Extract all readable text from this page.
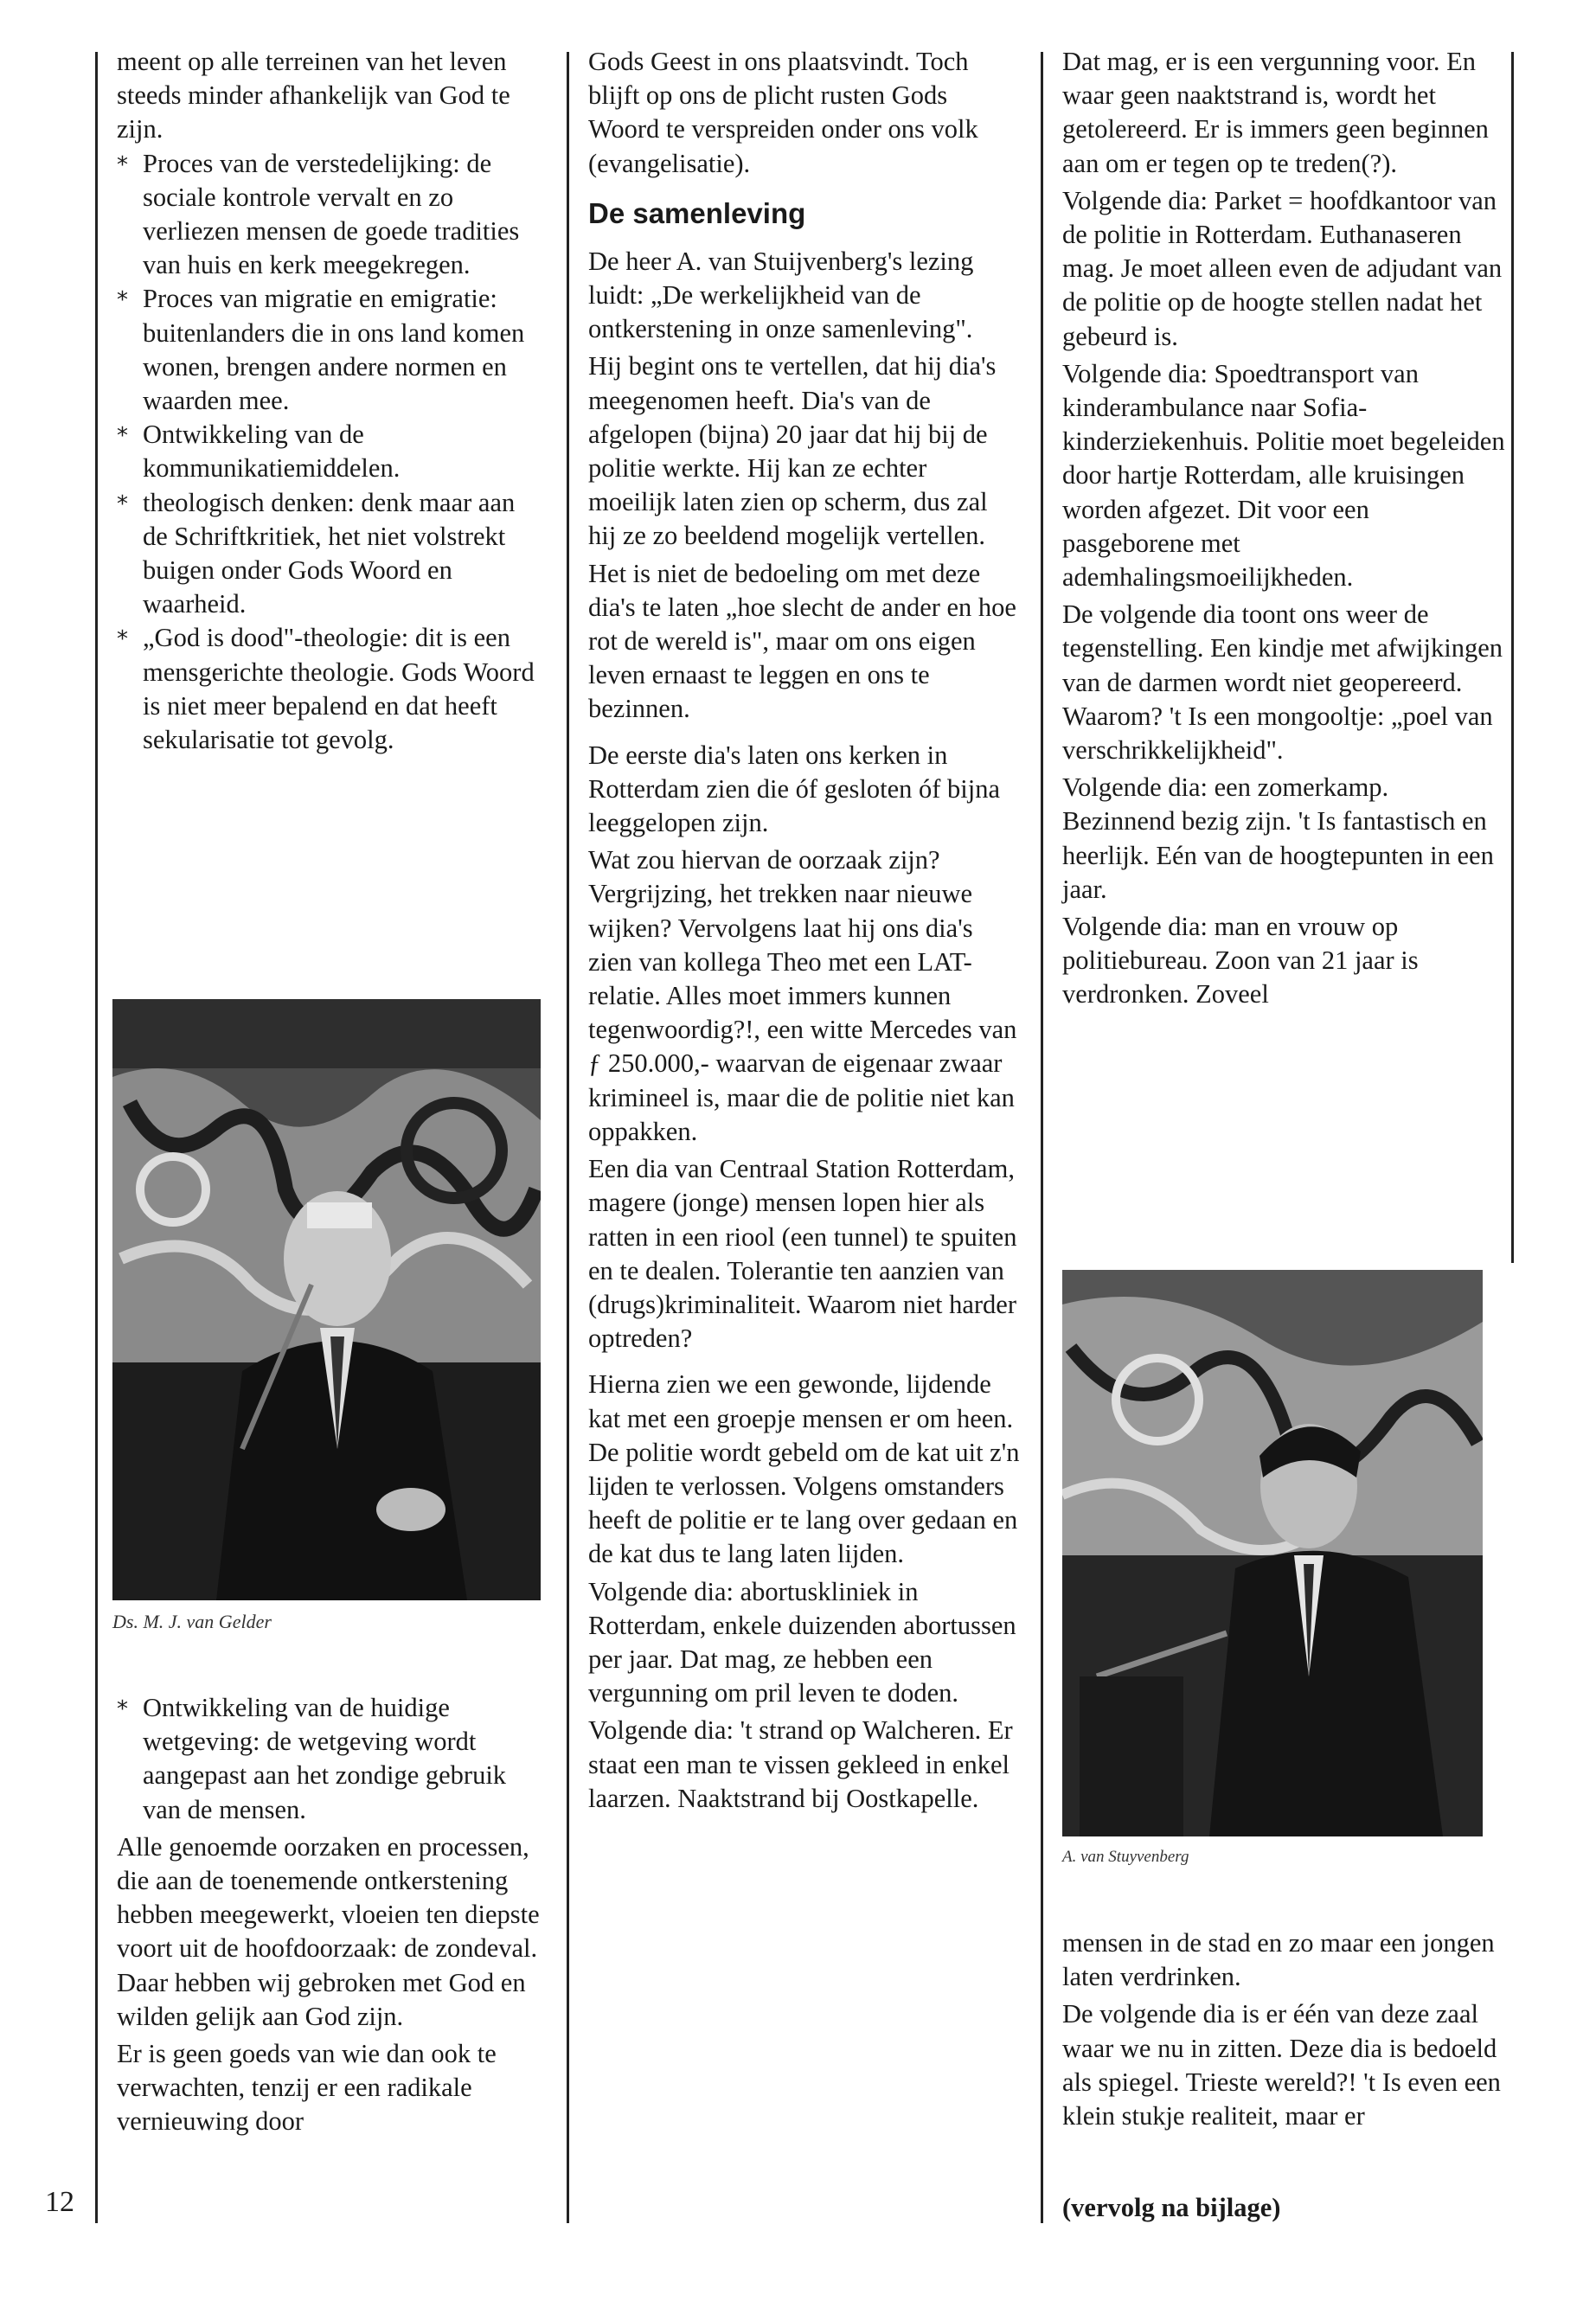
meent op alle terreinen van het leven steeds minder afhankelijk van God te zijn.

* Proces van de verstedelijking: de sociale kontrole vervalt en zo verliezen mensen de goede tradities van huis en kerk meegekregen.
* Proces van migratie en emigratie: buitenlanders die in ons land komen wonen, brengen andere normen en waarden mee.
* Ontwikkeling van de kommunikatiemiddelen.
* theologisch denken: denk maar aan de Schriftkritiek, het niet volstrekt buigen onder Gods Woord en waarheid.
* „God is dood"-theologie: dit is een mensgerichte theologie. Gods Woord is niet meer bepalend en dat heeft sekularisatie tot gevolg.
Ds. M. J. van Gelder
* Ontwikkeling van de huidige wetgeving: de wetgeving wordt aangepast aan het zondige gebruik van de mensen.

Alle genoemde oorzaken en processen, die aan de toenemende ontkerstening hebben meegewerkt, vloeien ten diepste voort uit de hoofdoorzaak: de zondeval. Daar hebben wij gebroken met God en wilden gelijk aan God zijn.

Er is geen goeds van wie dan ook te verwachten, tenzij er een radikale vernieuwing door

12

Gods Geest in ons plaatsvindt. Toch blijft op ons de plicht rusten Gods Woord te verspreiden onder ons volk (evangelisatie).

De samenleving

De heer A. van Stuijvenberg's lezing luidt: „De werkelijkheid van de ontkerstening in onze samenleving".

Hij begint ons te vertellen, dat hij dia's meegenomen heeft. Dia's van de afgelopen (bijna) 20 jaar dat hij bij de politie werkte. Hij kan ze echter moeilijk laten zien op scherm, dus zal hij ze zo beeldend mogelijk vertellen.

Het is niet de bedoeling om met deze dia's te laten „hoe slecht de ander en hoe rot de wereld is", maar om ons eigen leven ernaast te leggen en ons te bezinnen.

De eerste dia's laten ons kerken in Rotterdam zien die óf gesloten óf bijna leeggelopen zijn.

Wat zou hiervan de oorzaak zijn? Vergrijzing, het trekken naar nieuwe wijken? Vervolgens laat hij ons dia's zien van kollega Theo met een LAT-relatie. Alles moet immers kunnen tegenwoordig?!, een witte Mercedes van ƒ 250.000,- waarvan de eigenaar zwaar krimineel is, maar die de politie niet kan oppakken.

Een dia van Centraal Station Rotterdam, magere (jonge) mensen lopen hier als ratten in een riool (een tunnel) te spuiten en te dealen. Tolerantie ten aanzien van (drugs)kriminaliteit. Waarom niet harder optreden?

Hierna zien we een gewonde, lijdende kat met een groepje mensen er om heen. De politie wordt gebeld om de kat uit z'n lijden te verlossen. Volgens omstanders heeft de politie er te lang over gedaan en de kat dus te lang laten lijden.

Volgende dia: abortuskliniek in Rotterdam, enkele duizenden abortussen per jaar. Dat mag, ze hebben een vergunning om pril leven te doden.

Volgende dia: 't strand op Walcheren. Er staat een man te vissen gekleed in enkel laarzen. Naaktstrand bij Oostkapelle.

Dat mag, er is een vergunning voor. En waar geen naaktstrand is, wordt het getolereerd. Er is immers geen beginnen aan om er tegen op te treden(?).

Volgende dia: Parket = hoofdkantoor van de politie in Rotterdam. Euthanaseren mag. Je moet alleen even de adjudant van de politie op de hoogte stellen nadat het gebeurd is.

Volgende dia: Spoedtransport van kinderambulance naar Sofia-kinderziekenhuis. Politie moet begeleiden door hartje Rotterdam, alle kruisingen worden afgezet. Dit voor een pasgeborene met ademhalingsmoeilijkheden.

De volgende dia toont ons weer de tegenstelling. Een kindje met afwijkingen van de darmen wordt niet geopereerd. Waarom? 't Is een mongooltje: „poel van verschrikkelijkheid".

Volgende dia: een zomerkamp. Bezinnend bezig zijn. 't Is fantastisch en heerlijk. Eén van de hoogtepunten in een jaar.

Volgende dia: man en vrouw op politiebureau. Zoon van 21 jaar is verdronken. Zoveel

A. van Stuyvenberg

mensen in de stad en zo maar een jongen laten verdrinken.

De volgende dia is er één van deze zaal waar we nu in zitten. Deze dia is bedoeld als spiegel. Trieste wereld?! 't Is even een klein stukje realiteit, maar er

(vervolg na bijlage)
